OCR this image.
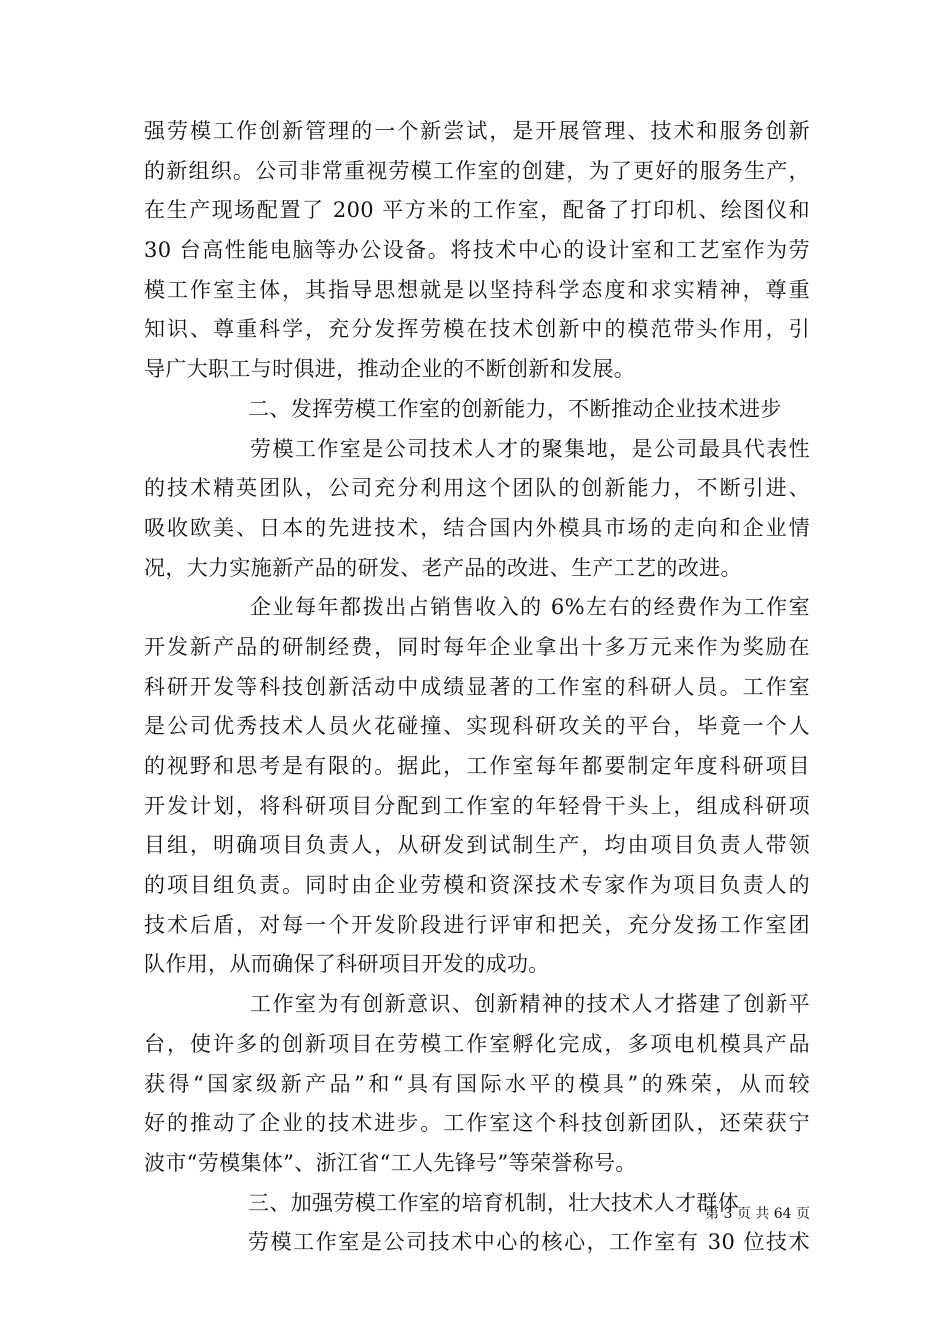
强劳模工作创新管理的一个新尝试，是开展管理、技术和服务创新
的新组织。公司非常重视劳模工作室的创建，为了更好的服务生产，
在生产现场配置了 200 平方米的工作室，配备了打印机、绘图仪和
30 台高性能电脑等办公设备。将技术中心的设计室和工艺室作为劳
模工作室主体，其指导思想就是以坚持科学态度和求实精神，尊重
知识、尊重科学，充分发挥劳模在技术创新中的模范带头作用，引
导广大职工与时俱进，推动企业的不断创新和发展。
二、发挥劳模工作室的创新能力，不断推动企业技术进步
劳模工作室是公司技术人才的聚集地，是公司最具代表性
的技术精英团队，公司充分利用这个团队的创新能力，不断引进、
吸收欧美、日本的先进技术，结合国内外模具市场的走向和企业情
况，大力实施新产品的研发、老产品的改进、生产工艺的改进。
企业每年都拨出占销售收入的 6%左右的经费作为工作室
开发新产品的研制经费，同时每年企业拿出十多万元来作为奖励在
科研开发等科技创新活动中成绩显著的工作室的科研人员。工作室
是公司优秀技术人员火花碰撞、实现科研攻关的平台，毕竟一个人
的视野和思考是有限的。据此，工作室每年都要制定年度科研项目
开发计划，将科研项目分配到工作室的年轻骨干头上，组成科研项
目组，明确项目负责人，从研发到试制生产，均由项目负责人带领
的项目组负责。同时由企业劳模和资深技术专家作为项目负责人的
技术后盾，对每一个开发阶段进行评审和把关，充分发扬工作室团
队作用，从而确保了科研项目开发的成功。
工作室为有创新意识、创新精神的技术人才搭建了创新平
台，使许多的创新项目在劳模工作室孵化完成，多项电机模具产品
获得“国家级新产品”和“具有国际水平的模具”的殊荣，从而较
好的推动了企业的技术进步。工作室这个科技创新团队，还荣获宁
波市“劳模集体”、浙江省“工人先锋号”等荣誉称号。
三、加强劳模工作室的培育机制，壮大技术人才群体
劳模工作室是公司技术中心的核心，工作室有 30 位技术
第 3 页 共 64 页
